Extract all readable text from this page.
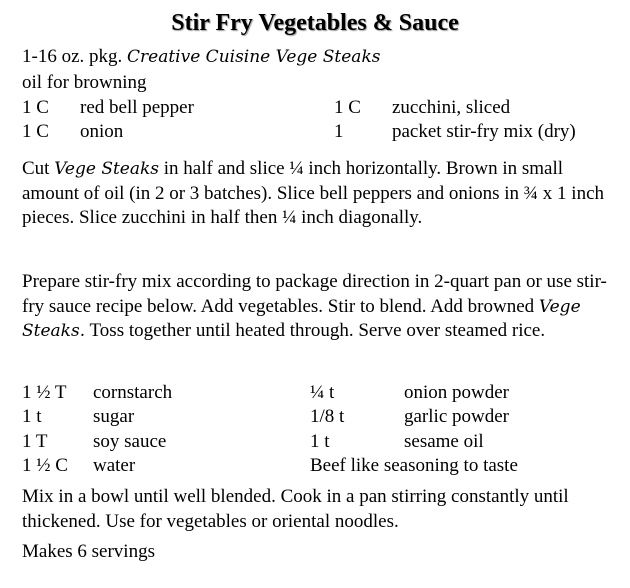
Stir Fry Vegetables & Sauce
1-16 oz. pkg. Creative Cuisine Vege Steaks
oil for browning
1 C red bell pepper	1 C zucchini, sliced
1 C onion	1	packet stir-fry mix (dry)
Cut Vege Steaks in half and slice ¼ inch horizontally. Brown in small amount of oil (in 2 or 3 batches). Slice bell peppers and onions in ¾ x 1 inch pieces. Slice zucchini in half then ¼ inch diagonally.
Prepare stir-fry mix according to package direction in 2-quart pan or use stir-fry sauce recipe below. Add vegetables. Stir to blend. Add browned Vege Steaks. Toss together until heated through. Serve over steamed rice.
1 ½ T cornstarch	¼ t	onion powder
1 t	sugar	1/8 t	garlic powder
1 T soy sauce	1 t	sesame oil
1 ½ C water	Beef like seasoning to taste
Mix in a bowl until well blended. Cook in a pan stirring constantly until thickened. Use for vegetables or oriental noodles.
Makes 6 servings
